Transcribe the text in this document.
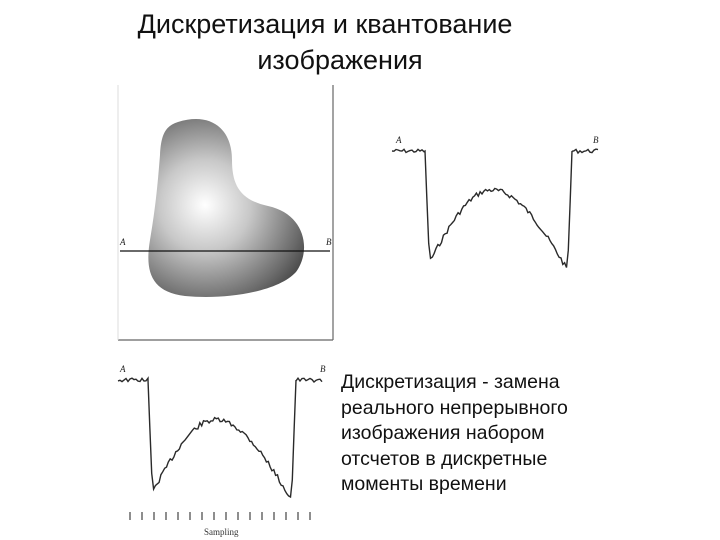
Дискретизация и квантование
изображения
A	B
A	B
A	B
Sampling
Дискретизация - замена
реального непрерывного
изображения набором
отсчетов в дискретные
моменты времени
